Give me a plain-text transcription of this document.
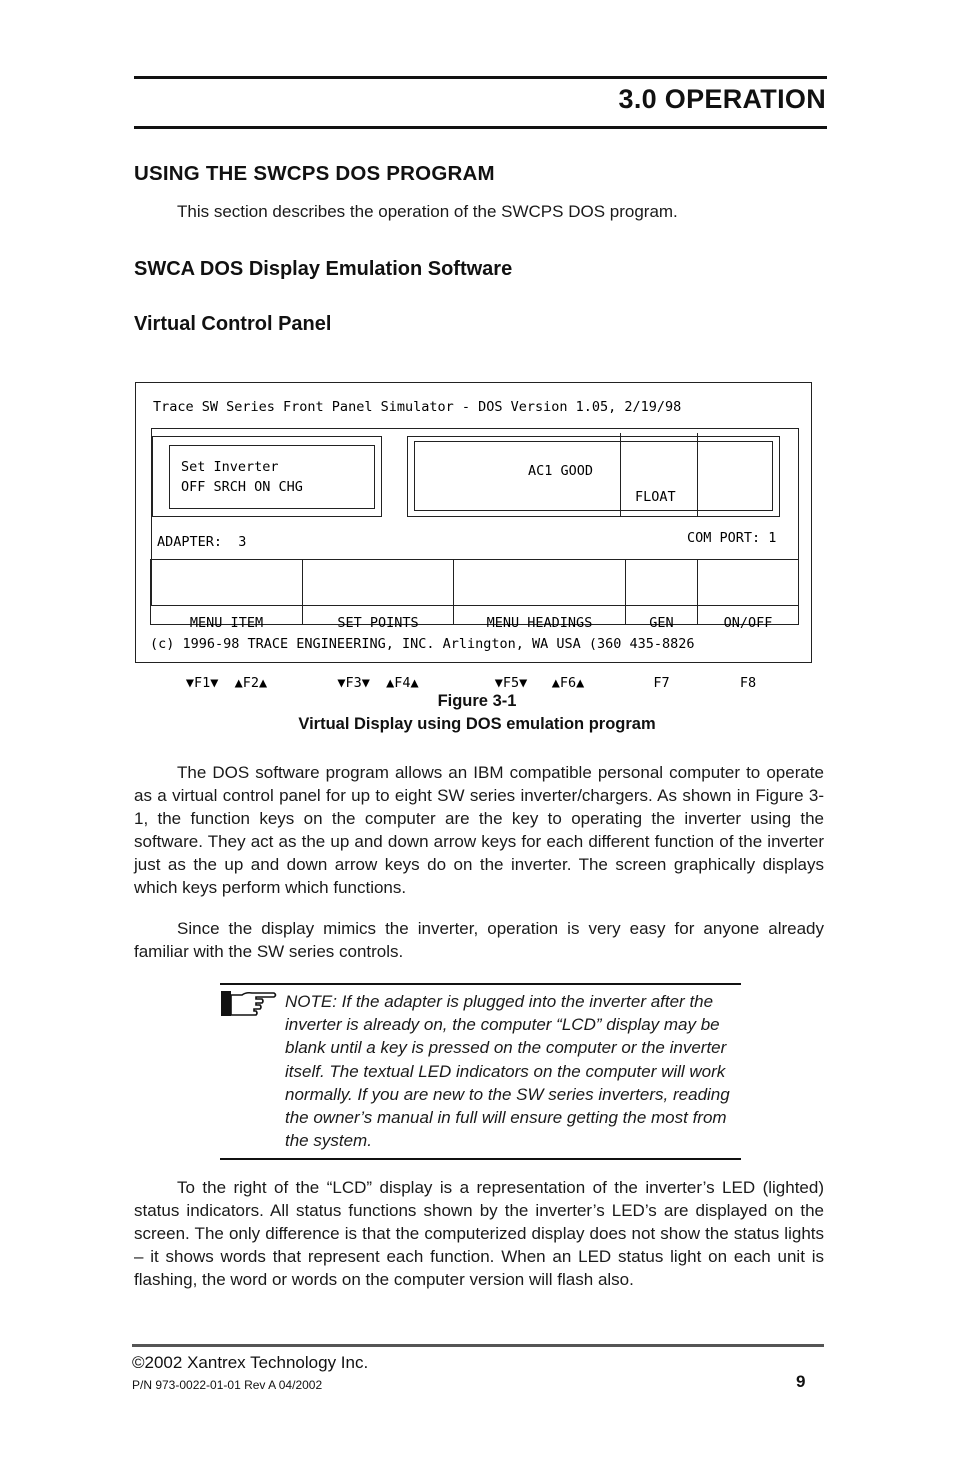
3.0 OPERATION
USING THE SWCPS DOS PROGRAM
This section describes the operation of the SWCPS DOS program.
SWCA DOS Display Emulation Software
Virtual Control Panel
Trace SW Series Front Panel Simulator - DOS Version 1.05, 2/19/98
Set Inverter
OFF SRCH ON CHG
AC1 GOOD
FLOAT
ADAPTER:  3	COM PORT: 1

MENU ITEM

▼F1▼  ▲F2▲

SET POINTS

▼F3▼  ▲F4▲

MENU HEADINGS

▼F5▼   ▲F6▲

GEN

F7

ON/OFF

F8

(c) 1996-98 TRACE ENGINEERING, INC. Arlington, WA USA (360 435-8826
Figure 3-1
Virtual Display using DOS emulation program

The DOS software program allows an IBM compatible personal computer to operate as a virtual control panel for up to eight SW series inverter/chargers. As shown in Figure 3-1, the function keys on the computer are the key to operating the inverter using the software. They act as the up and down arrow keys for each different function of the inverter just as the up and down arrow keys do on the inverter. The screen graphically displays which keys perform which functions.

Since the display mimics the inverter, operation is very easy for anyone already familiar with the SW series controls.

NOTE: If the adapter is plugged into the inverter after the inverter is already on, the computer “LCD” display may be blank until a key is pressed on the computer or the inverter itself. The textual LED indicators on the computer will work normally. If you are new to the SW series inverters, reading the owner’s manual in full will ensure getting the most from the system.

To the right of the “LCD” display is a representation of the inverter’s LED (lighted) status indicators. All status functions shown by the inverter’s LED’s are displayed on the screen. The only difference is that the computerized display does not show the status lights – it shows words that represent each function. When an LED status light on each unit is flashing, the word or words on the computer version will flash also.

©2002 Xantrex Technology Inc.
P/N 973-0022-01-01 Rev A 04/2002	9
